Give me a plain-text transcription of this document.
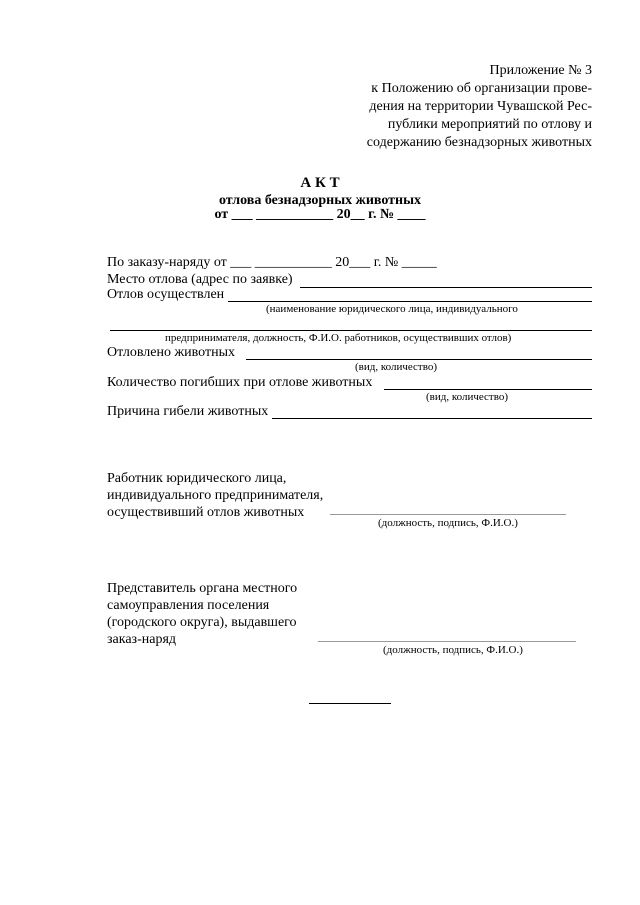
Приложение № 3
к Положению об организации прове-
дения на территории Чувашской Рес-
публики мероприятий по отлову и
содержанию безнадзорных животных
А К Т
отлова безнадзорных животных
от ___ ___________ 20__ г. № ____
По заказу-наряду от ___ ___________ 20___ г. № _____
Место отлова (адрес по заявке)
Отлов осуществлен
(наименование юридического лица, индивидуального
предпринимателя, должность, Ф.И.О. работников, осуществивших отлов)
Отловлено животных
(вид, количество)
Количество погибших при отлове животных
(вид, количество)
Причина гибели животных
Работник юридического лица,
индивидуального предпринимателя,
осуществивший отлов животных
(должность, подпись, Ф.И.О.)
Представитель органа местного
самоуправления поселения
(городского округа), выдавшего
заказ-наряд
(должность, подпись, Ф.И.О.)
